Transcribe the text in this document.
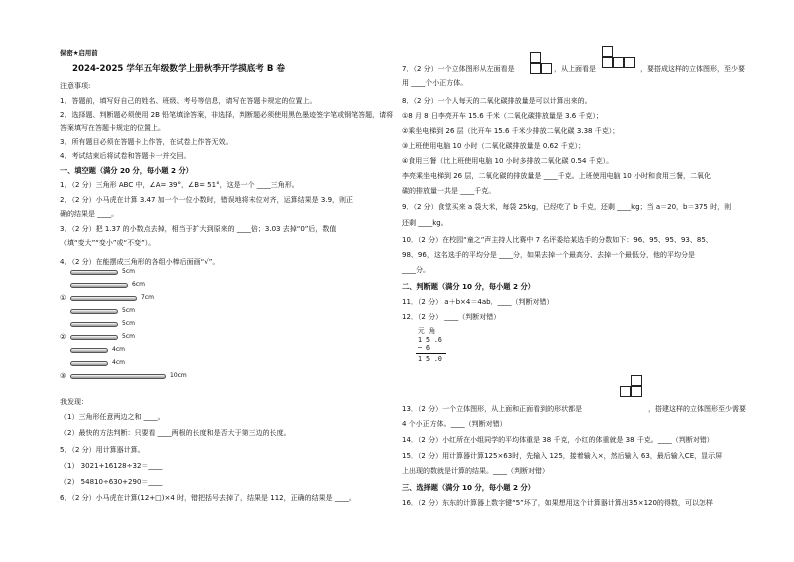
保密★启用前
2024-2025 学年五年级数学上册秋季开学摸底考 B 卷
注意事项:
1．答题前，填写好自己的姓名、班级、考号等信息，请写在答题卡规定的位置上。
2．选择题、判断题必须使用 2B 铅笔填涂答案，非选择，判断题必须使用黑色墨迹签字笔或钢笔答题，请将
答案填写在答题卡规定的位置上。
3．所有题目必须在答题卡上作答，在试卷上作答无效。
4．考试结束后将试卷和答题卡一并交回。
一、填空题（满分 20 分，每小题 2 分）
1．（2 分）三角形 ABC 中，∠A= 39°，∠B= 51°，这是一个 ____三角形。
2．（2 分）小马虎在计算 3.47 加一个一位小数时，错误地将末位对齐，运算结果是 3.9，则正
确的结果是 ____。
3．（2 分）把 1.37 的小数点去掉，相当于扩大到原来的 ____倍；3.03 去掉“0”后，数值
（填“变大”“变小”或“不变”）。
4．（2 分）在能摆成三角形的各组小棒后面画“√”。
5cm
6cm
①	7cm
5cm
5cm
②	5cm
4cm
4cm
③	10cm
我发现：
（1）三角形任意两边之和 ____。
（2）最快的方法判断：只要看 ____两根的长度和是否大于第三边的长度。
5．（2 分）用计算器计算。
（1） 3021+16128÷32＝____
（2） 54810÷630+290＝____
6．（2 分）小马虎在计算(12+□)×4 时，错把括号去掉了，结果是 112，正确的结果是 ____。
7．（2 分）一个立体图形从左面看是	，从上面看是	，要搭成这样的立体图形，至少要
用 ____个小正方体。
8．（2 分）一个人每天的二氧化碳排放量是可以计算出来的。
①8 月 8 日李亮开车 15.6 千米（二氧化碳排放量是 3.6 千克）；
②乘坐电梯到 26 层（比开车 15.6 千米少排放二氧化碳 3.38 千克）；
③上班使用电脑 10 小时（二氧化碳排放量是 0.62 千克）；
④食用三餐（比上班使用电脑 10 小时多排放二氧化碳 0.54 千克）。
李亮乘坐电梯到 26 层，二氧化碳的排放量是 ____千克。上班使用电脑 10 小时和食用三餐，二氧化
碳的排放量一共是 ____千克。
9．（2 分）食堂买来 a 袋大米，每袋 25kg，已经吃了 b 千克，还剩 ____kg；当 a＝20，b＝375 时，则
还剩 ____kg。
10．（2 分）在校园“童之”声主持人比赛中 7 名评委给某选手的分数如下：96、95、95、93、85、
98、96，这名选手的平均分是 ____分，如果去掉一个最高分、去掉一个最低分，他的平均分是
____分。
二、判断题（满分 10 分，每小题 2 分）
11．（2 分） a＋b×4＝4ab．____（判断对错）
12．（2 分） ____（判断对错）
元 角
1 5 .6
─ 6
1 5 .0
13．（2 分）一个立体图形，从上面和正面看到的形状都是	，搭建这样的立体图形至少需要
4 个小正方体。____（判断对错）
14．（2 分）小红所在小组同学的平均体重是 38 千克，小红的体重就是 38 千克。____（判断对错）
15．（2 分）用计算器计算125×63时，先输入 125，接着输入×，然后输入 63，最后输入CE，显示屏
上出现的数就是计算的结果。____（判断对错）
三、选择题（满分 10 分，每小题 2 分）
16．（2 分）东东的计算器上数字键“5”坏了，如果想用这个计算器计算出35×120的得数，可以怎样
